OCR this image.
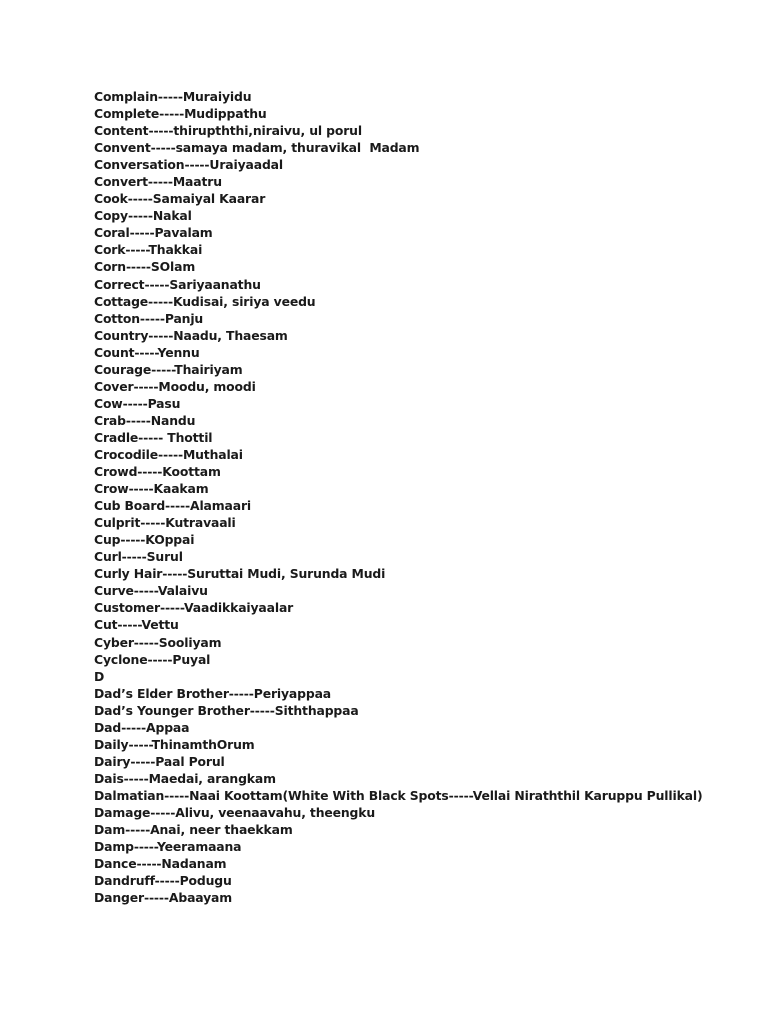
Complain-----Muraiyidu
Complete-----Mudippathu
Content-----thirupththi,niraivu, ul porul
Convent-----samaya madam, thuravikal  Madam
Conversation-----Uraiyaadal
Convert-----Maatru
Cook-----Samaiyal Kaarar
Copy-----Nakal
Coral-----Pavalam
Cork-----Thakkai
Corn-----SOlam
Correct-----Sariyaanathu
Cottage-----Kudisai, siriya veedu
Cotton-----Panju
Country-----Naadu, Thaesam
Count-----Yennu
Courage-----Thairiyam
Cover-----Moodu, moodi
Cow-----Pasu
Crab-----Nandu
Cradle----- Thottil
Crocodile-----Muthalai
Crowd-----Koottam
Crow-----Kaakam
Cub Board-----Alamaari
Culprit-----Kutravaali
Cup-----KOppai
Curl-----Surul
Curly Hair-----Suruttai Mudi, Surunda Mudi
Curve-----Valaivu
Customer-----Vaadikkaiyaalar
Cut-----Vettu
Cyber-----Sooliyam
Cyclone-----Puyal
D
Dad’s Elder Brother-----Periyappaa
Dad’s Younger Brother-----Siththappaa
Dad-----Appaa
Daily-----ThinamthOrum
Dairy-----Paal Porul
Dais-----Maedai, arangkam
Dalmatian-----Naai Koottam(White With Black Spots-----Vellai Niraththil Karuppu Pullikal)
Damage-----Alivu, veenaavahu, theengku
Dam-----Anai, neer thaekkam
Damp-----Yeeramaana
Dance-----Nadanam
Dandruff-----Podugu
Danger-----Abaayam
